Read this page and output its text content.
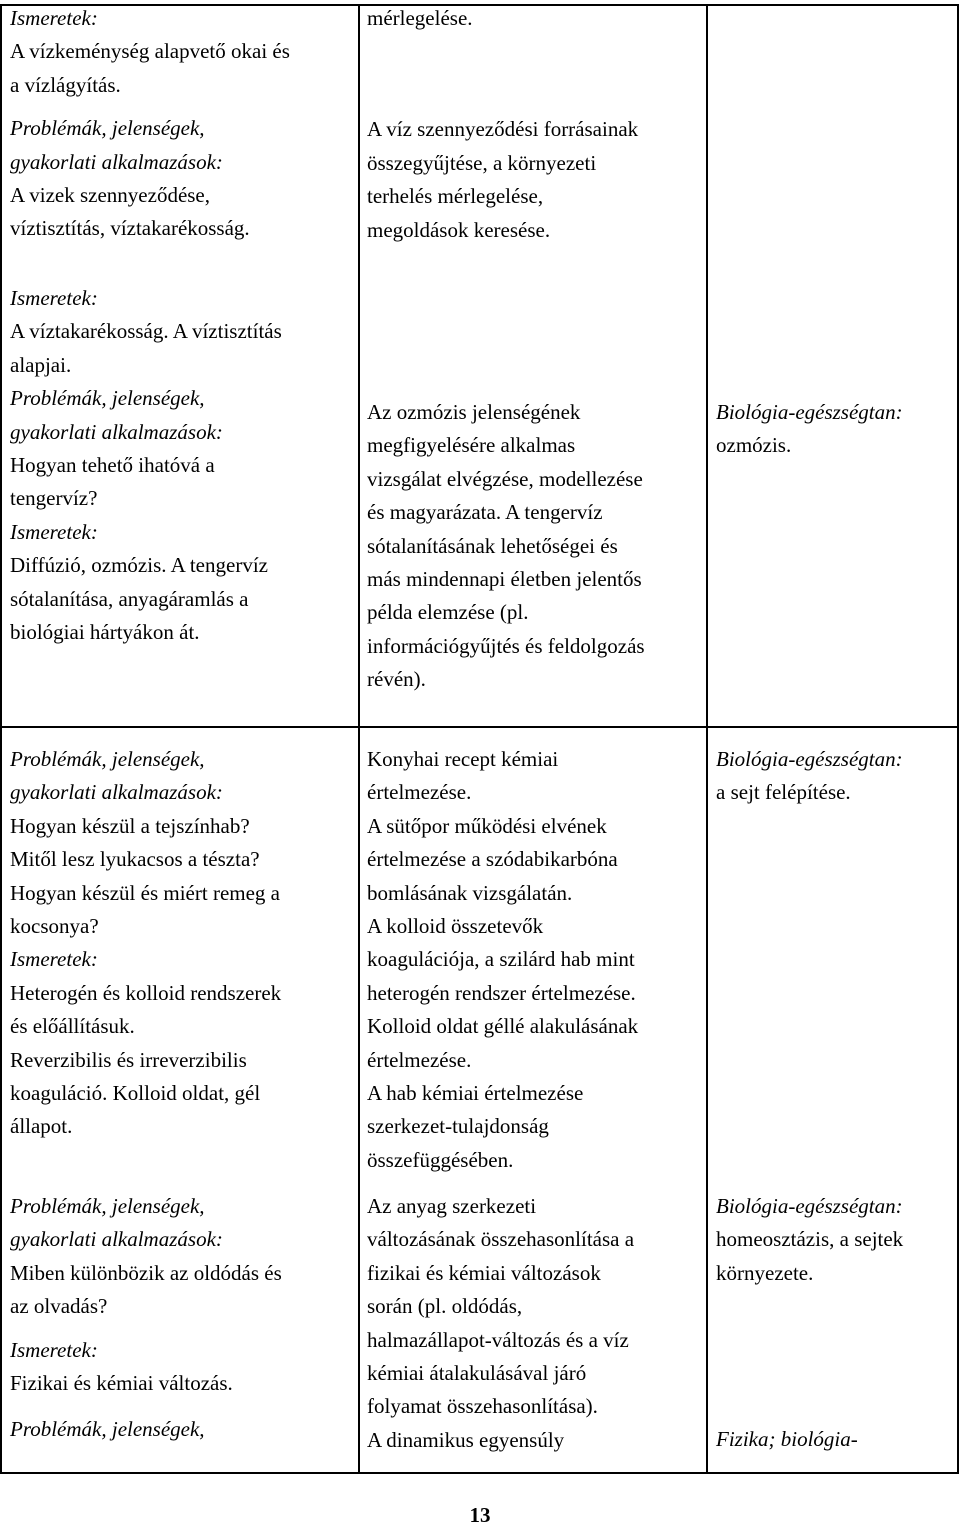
Ismeretek:

A vízkeménység alapvető okai és

a vízlágyítás.

Problémák, jelenségek,

gyakorlati alkalmazások:

A vizek szennyeződése,

víztisztítás, víztakarékosság.

mérlegelése.

A víz szennyeződési forrásainak

összegyűjtése, a környezeti

terhelés mérlegelése,

megoldások keresése.

Ismeretek:

A víztakarékosság. A víztisztítás

alapjai.

Problémák, jelenségek,

gyakorlati alkalmazások:

Hogyan tehető ihatóvá a

tengervíz?

Ismeretek:

Diffúzió, ozmózis. A tengervíz

sótalanítása, anyagáramlás a

biológiai hártyákon át.

Az ozmózis jelenségének

megfigyelésére alkalmas

vizsgálat elvégzése, modellezése

és magyarázata. A tengervíz

sótalanításának lehetőségei és

más mindennapi életben jelentős

példa elemzése (pl.

információgyűjtés és feldolgozás

révén).

Biológia-egészségtan:

ozmózis.

Problémák, jelenségek,

gyakorlati alkalmazások:

Hogyan készül a tejszínhab?

Mitől lesz lyukacsos a tészta?

Hogyan készül és miért remeg a

kocsonya?

Ismeretek:

Heterogén és kolloid rendszerek

és előállításuk.

Reverzibilis és irreverzibilis

koaguláció. Kolloid oldat, gél

állapot.

Konyhai recept kémiai

értelmezése.

A sütőpor működési elvének

értelmezése a szódabikarbóna

bomlásának vizsgálatán.

A kolloid összetevők

koagulációja, a szilárd hab mint

heterogén rendszer értelmezése.

Kolloid oldat géllé alakulásának

értelmezése.

A hab kémiai értelmezése

szerkezet-tulajdonság

összefüggésében.

Biológia-egészségtan:

a sejt felépítése.

Problémák, jelenségek,

gyakorlati alkalmazások:

Miben különbözik az oldódás és

az olvadás?

Ismeretek:

Fizikai és kémiai változás.

Problémák, jelenségek,

Az anyag szerkezeti

változásának összehasonlítása a

fizikai és kémiai változások

során (pl. oldódás,

halmazállapot-változás és a víz

kémiai átalakulásával járó

folyamat összehasonlítása).

A dinamikus egyensúly

Biológia-egészségtan:

homeosztázis, a sejtek

környezete.

Fizika; biológia-

13
